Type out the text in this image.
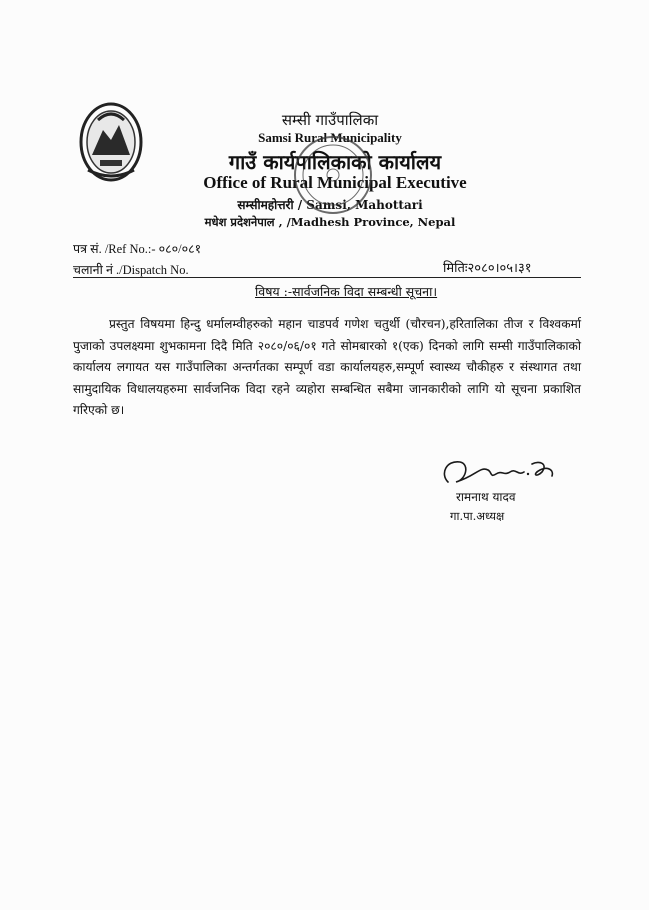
सम्सी गाउँपालिका
Samsi Rural Municipality
गाउँ कार्यपालिकाको कार्यालय
Office of Rural Municipal Executive
सम्सीमहोत्तरी / Samsi, Mahottari
मधेश प्रदेशनेपाल , /Madhesh Province, Nepal
पत्र सं. /Ref No.:- ०८०/०८१
चलानी नं ./Dispatch No.	मितिः२०८०।०५।३१
विषय :-सार्वजनिक विदा सम्बन्धी सूचना।
प्रस्तुत विषयमा हिन्दु धर्मालम्वीहरुको महान चाडपर्व गणेश चतुर्थी (चौरचन),हरितालिका तीज र विश्वकर्मा पुजाको उपलक्ष्यमा शुभकामना दिदै मिति २०८०/०६/०१ गते सोमबारको १(एक) दिनको लागि सम्सी गाउँपालिकाको कार्यालय लगायत यस गाउँपालिका अन्तर्गतका सम्पूर्ण वडा कार्यालयहरु,सम्पूर्ण स्वास्थ्य चौकीहरु र संस्थागत तथा सामुदायिक विधालयहरुमा सार्वजनिक विदा रहने व्यहोरा सम्बन्धित सबैमा जानकारीको लागि यो सूचना प्रकाशित गरिएको छ।
रामनाथ यादव
गा.पा.अध्यक्ष
